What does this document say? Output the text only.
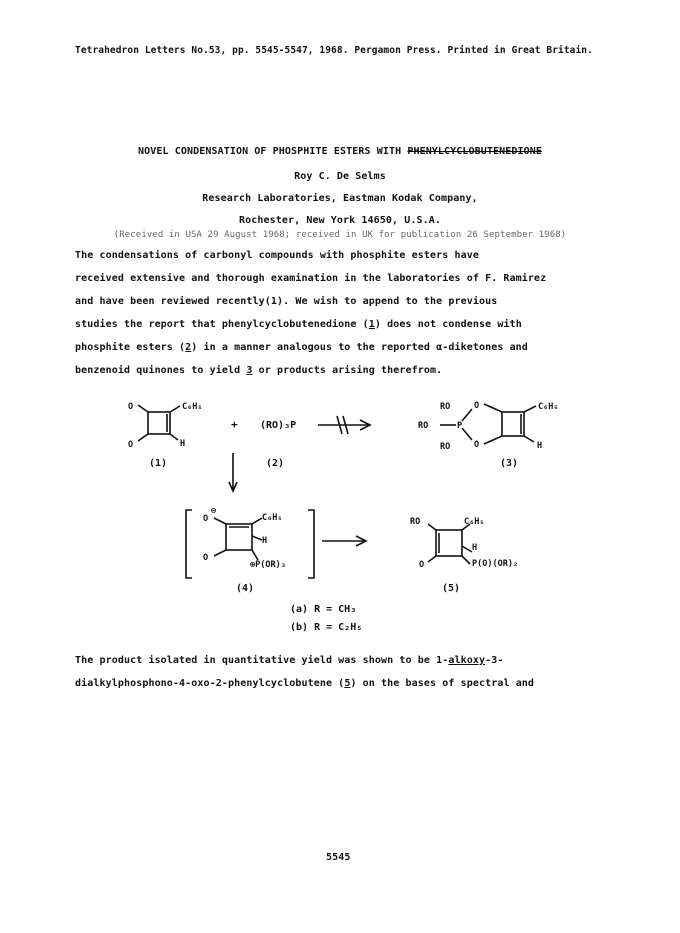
Tetrahedron Letters No.53, pp. 5545-5547, 1968. Pergamon Press. Printed in Great Britain.
NOVEL CONDENSATION OF PHOSPHITE ESTERS WITH PHENYLCYCLOBUTENEDIONE
Roy C. De Selms
Research Laboratories, Eastman Kodak Company,
Rochester, New York 14650, U.S.A.
(Received in USA 29 August 1968; received in UK for publication 26 September 1968)
The condensations of carbonyl compounds with phosphite esters have
received extensive and thorough examination in the laboratories of F. Ramirez
and have been reviewed recently(1). We wish to append to the previous
studies the report that phenylcyclobutenedione (1) does not condense with
phosphite esters (2) in a manner analogous to the reported α-diketones and
benzenoid quinones to yield 3 or products arising therefrom.
O
O
C₆H₅
H
(1)
+ (RO)₃P
(2)
RO
RO
RO
P
O
O
C₆H₅
H
(3)
O
⊖
O
C₆H₅
H
⊕P(OR)₃
(4)
RO	C₆H₅
H
O	P(O)(OR)₂
(5)
(a) R = CH₃
(b) R = C₂H₅
The product isolated in quantitative yield was shown to be 1-alkoxy-3-
dialkylphosphono-4-oxo-2-phenylcyclobutene (5) on the bases of spectral and
5545
